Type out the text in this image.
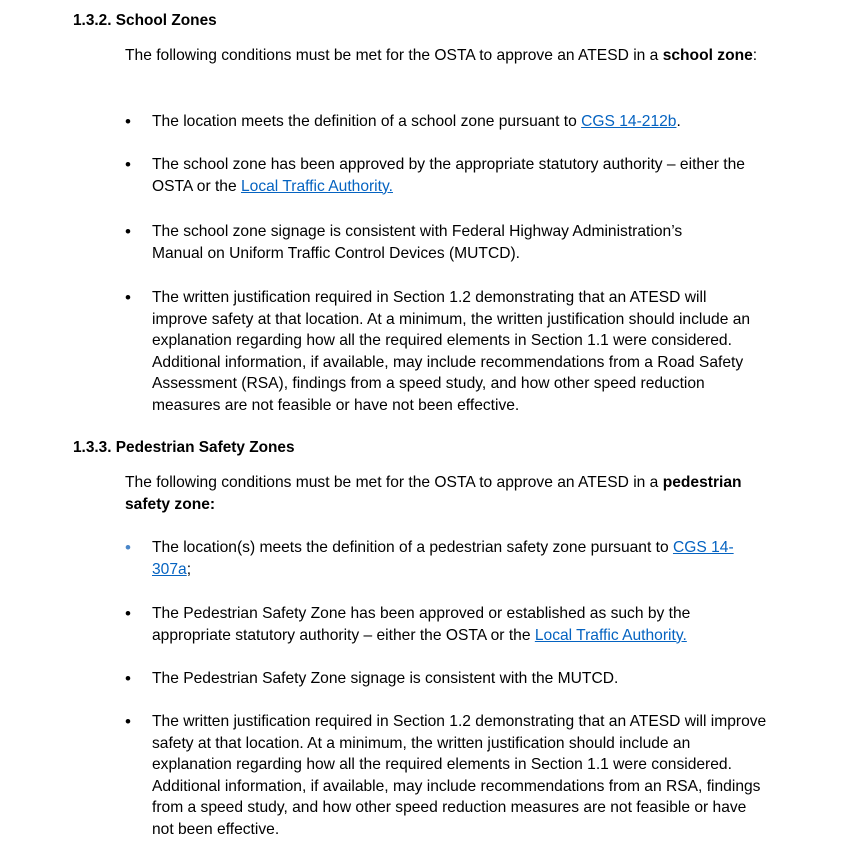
1.3.2. School Zones
The following conditions must be met for the OSTA to approve an ATESD in a school zone:
•	The location meets the definition of a school zone pursuant to CGS 14-212b.
•	The school zone has been approved by the appropriate statutory authority – either the OSTA or the Local Traffic Authority.
•	The school zone signage is consistent with Federal Highway Administration’s Manual on Uniform Traffic Control Devices (MUTCD).
•	The written justification required in Section 1.2 demonstrating that an ATESD will improve safety at that location. At a minimum, the written justification should include an explanation regarding how all the required elements in Section 1.1 were considered. Additional information, if available, may include recommendations from a Road Safety Assessment (RSA), findings from a speed study, and how other speed reduction measures are not feasible or have not been effective.
1.3.3. Pedestrian Safety Zones
The following conditions must be met for the OSTA to approve an ATESD in a pedestrian safety zone:
•	The location(s) meets the definition of a pedestrian safety zone pursuant to CGS 14-307a;
•	The Pedestrian Safety Zone has been approved or established as such by the appropriate statutory authority – either the OSTA or the Local Traffic Authority.
•	The Pedestrian Safety Zone signage is consistent with the MUTCD.
•	The written justification required in Section 1.2 demonstrating that an ATESD will improve safety at that location. At a minimum, the written justification should include an explanation regarding how all the required elements in Section 1.1 were considered. Additional information, if available, may include recommendations from an RSA, findings from a speed study, and how other speed reduction measures are not feasible or have not been effective.
